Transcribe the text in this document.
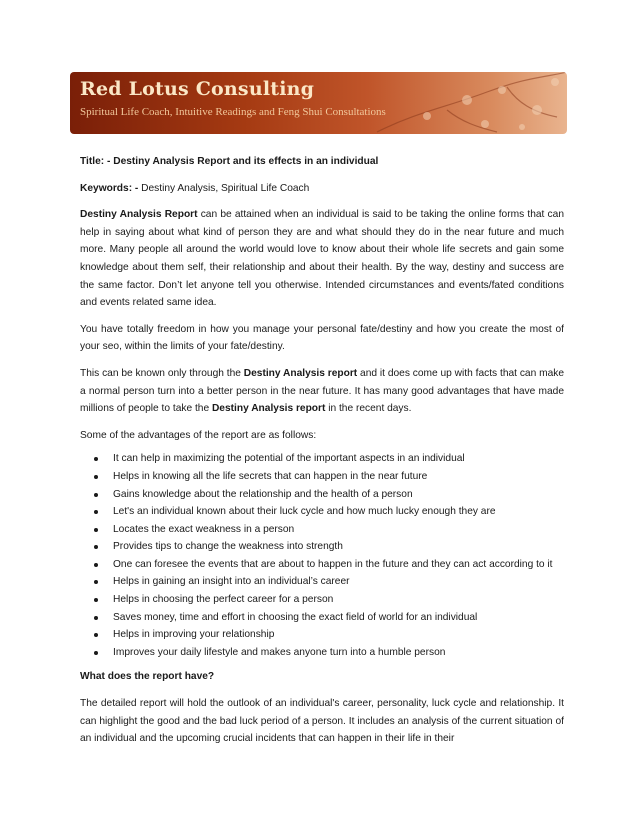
Red Lotus Consulting
Spiritual Life Coach, Intuitive Readings and Feng Shui Consultations

Title: - Destiny Analysis Report and its effects in an individual

Keywords: - Destiny Analysis, Spiritual Life Coach

Destiny Analysis Report can be attained when an individual is said to be taking the online forms that can help in saying about what kind of person they are and what should they do in the near future and much more. Many people all around the world would love to know about their whole life secrets and gain some knowledge about them self, their relationship and about their health. By the way, destiny and success are the same factor. Don’t let anyone tell you otherwise. Intended circumstances and events/fated conditions and events related same idea.

You have totally freedom in how you manage your personal fate/destiny and how you create the most of your seo, within the limits of your fate/destiny.

This can be known only through the Destiny Analysis report and it does come up with facts that can make a normal person turn into a better person in the near future. It has many good advantages that have made millions of people to take the Destiny Analysis report in the recent days.

Some of the advantages of the report are as follows:

It can help in maximizing the potential of the important aspects in an individual
Helps in knowing all the life secrets that can happen in the near future
Gains knowledge about the relationship and the health of a person
Let's an individual known about their luck cycle and how much lucky enough they are
Locates the exact weakness in a person
Provides tips to change the weakness into strength
One can foresee the events that are about to happen in the future and they can act according to it
Helps in gaining an insight into an individual’s career
Helps in choosing the perfect career for a person
Saves money, time and effort in choosing the exact field of world for an individual
Helps in improving your relationship
Improves your daily lifestyle and makes anyone turn into a humble person

What does the report have?

The detailed report will hold the outlook of an individual's career, personality, luck cycle and relationship. It can highlight the good and the bad luck period of a person. It includes an analysis of the current situation of an individual and the upcoming crucial incidents that can happen in their life in their
